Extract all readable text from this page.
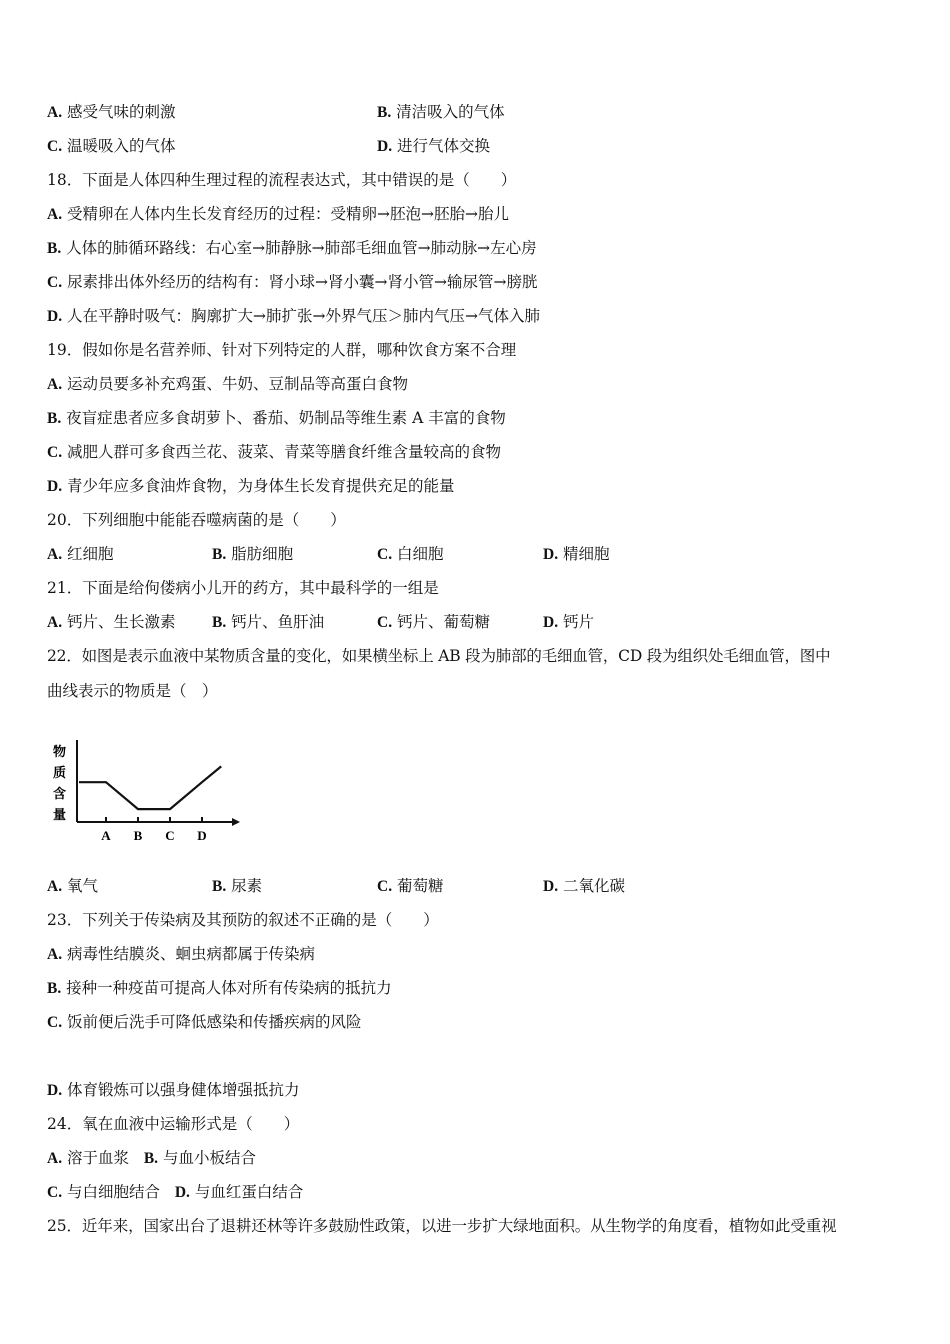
A. 感受气味的刺激	B. 清洁吸入的气体
C. 温暖吸入的气体	D. 进行气体交换
18．下面是人体四种生理过程的流程表达式，其中错误的是（　　）
A. 受精卵在人体内生长发育经历的过程：受精卵→胚泡→胚胎→胎儿
B. 人体的肺循环路线：右心室→肺静脉→肺部毛细血管→肺动脉→左心房
C. 尿素排出体外经历的结构有：肾小球→肾小囊→肾小管→输尿管→膀胱
D. 人在平静时吸气：胸廓扩大→肺扩张→外界气压＞肺内气压→气体入肺
19．假如你是名营养师、针对下列特定的人群，哪种饮食方案不合理
A. 运动员要多补充鸡蛋、牛奶、豆制品等高蛋白食物
B. 夜盲症患者应多食胡萝卜、番茄、奶制品等维生素 A 丰富的食物
C. 减肥人群可多食西兰花、菠菜、青菜等膳食纤维含量较高的食物
D. 青少年应多食油炸食物，为身体生长发育提供充足的能量
20．下列细胞中能能吞噬病菌的是（　　）
A. 红细胞	B. 脂肪细胞	C. 白细胞	D. 精细胞
21．下面是给佝偻病小儿开的药方，其中最科学的一组是
A. 钙片、生长激素 B. 钙片、鱼肝油	C. 钙片、葡萄糖	D. 钙片
22．如图是表示血液中某物质含量的变化，如果横坐标上 AB 段为肺部的毛细血管，CD 段为组织处毛细血管，图中
曲线表示的物质是（　）
物
质
含
量
A B C D
A. 氧气	B. 尿素	C. 葡萄糖	D. 二氧化碳
23．下列关于传染病及其预防的叙述不正确的是（　　）
A. 病毒性结膜炎、蛔虫病都属于传染病
B. 接种一种疫苗可提高人体对所有传染病的抵抗力
C. 饭前便后洗手可降低感染和传播疾病的风险
D. 体育锻炼可以强身健体增强抵抗力
24．氧在血液中运输形式是（　　）
A. 溶于血浆 B. 与血小板结合
C. 与白细胞结合 D. 与血红蛋白结合
25．近年来，国家出台了退耕还林等许多鼓励性政策，以进一步扩大绿地面积。从生物学的角度看，植物如此受重视
